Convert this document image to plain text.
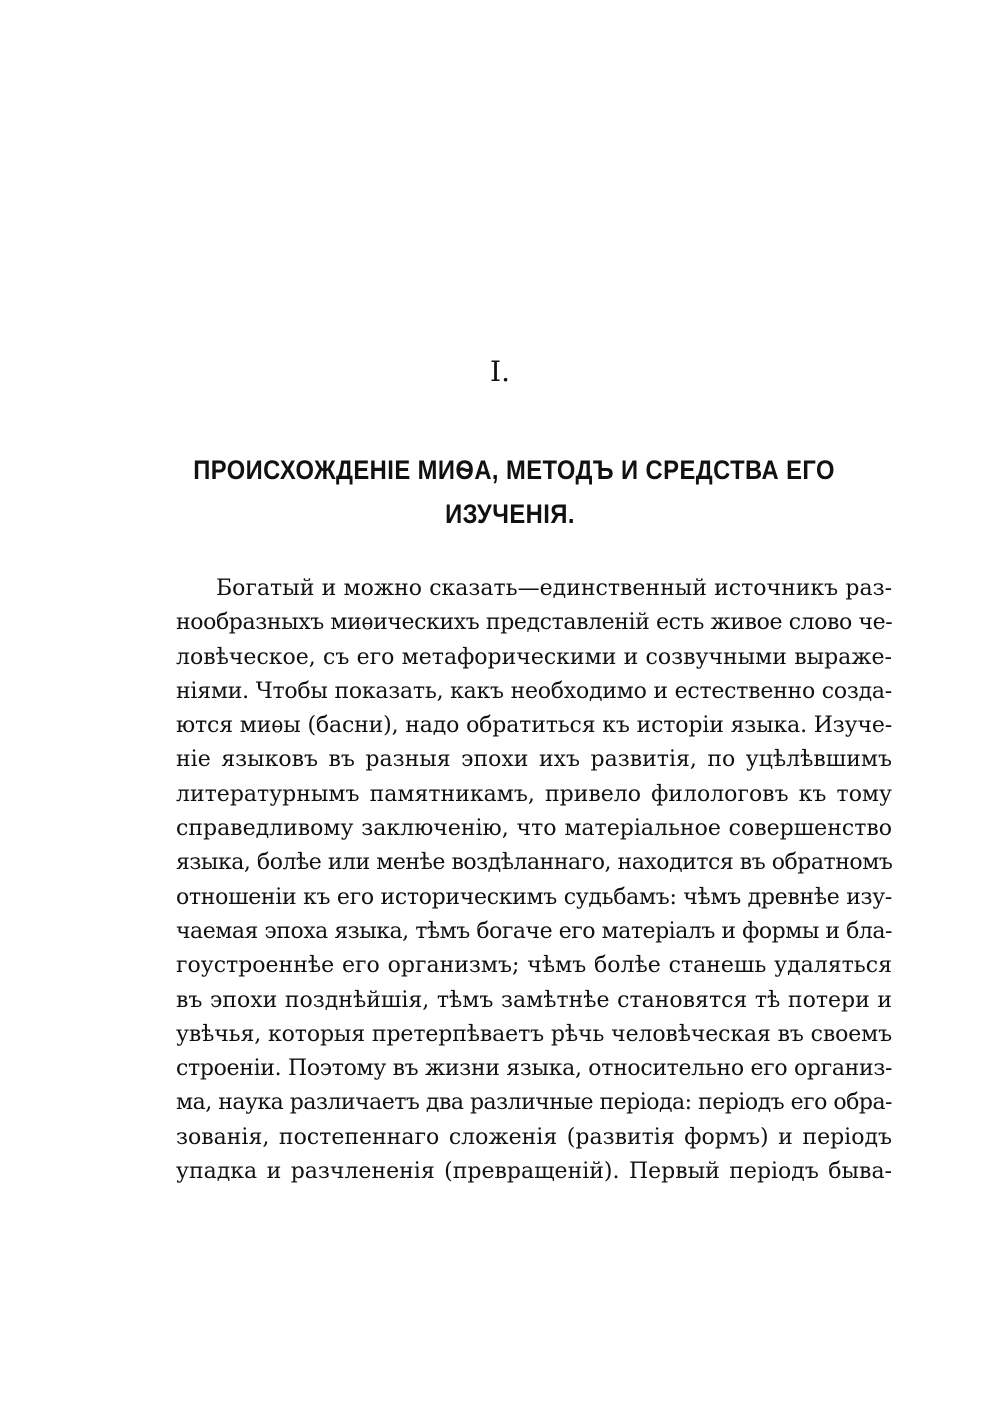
I.
ПРОИСХОЖДЕНІЕ МИѲА, МЕТОДЪ И СРЕДСТВА ЕГО
ИЗУЧЕНІЯ.
Богатый и можно сказать—единственный источникъ раз-
нообразныхъ миѳическихъ представленій есть живое слово че-
ловѣческое, съ его метафорическими и созвучными выраже-
ніями. Чтобы показать, какъ необходимо и естественно созда-
ются миѳы (басни), надо обратиться къ исторіи языка. Изуче-
ніе языковъ въ разныя эпохи ихъ развитія, по уцѣлѣвшимъ
литературнымъ памятникамъ, привело филологовъ къ тому
справедливому заключенію, что матеріальное совершенство
языка, болѣе или менѣе воздѣланнаго, находится въ обратномъ
отношеніи къ его историческимъ судьбамъ: чѣмъ древнѣе изу-
чаемая эпоха языка, тѣмъ богаче его матеріалъ и формы и бла-
гоустроеннѣе его организмъ; чѣмъ болѣе станешь удаляться
въ эпохи позднѣйшія, тѣмъ замѣтнѣе становятся тѣ потери и
увѣчья, которыя претерпѣваетъ рѣчь человѣческая въ своемъ
строеніи. Поэтому въ жизни языка, относительно его организ-
ма, наука различаетъ два различные періода: періодъ его обра-
зованія, постепеннаго сложенія (развитія формъ) и періодъ
упадка и разчлененія (превращеній). Первый періодъ быва-
